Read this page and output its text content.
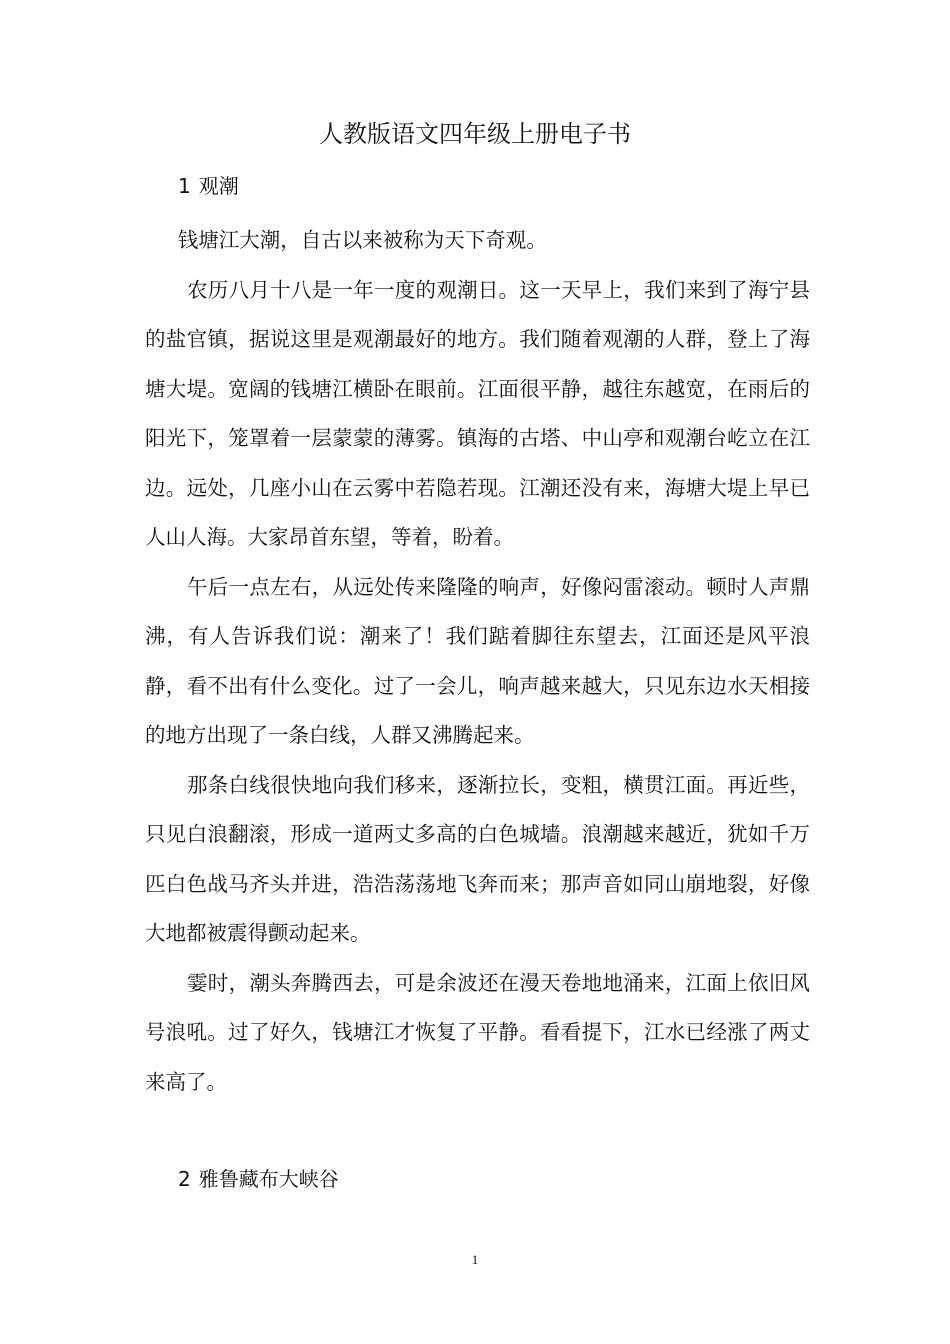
人教版语文四年级上册电子书
1 观潮

钱塘江大潮，自古以来被称为天下奇观。

农历八月十八是一年一度的观潮日。这一天早上，我们来到了海宁县的盐官镇，据说这里是观潮最好的地方。我们随着观潮的人群，登上了海塘大堤。宽阔的钱塘江横卧在眼前。江面很平静，越往东越宽，在雨后的阳光下，笼罩着一层蒙蒙的薄雾。镇海的古塔、中山亭和观潮台屹立在江边。远处，几座小山在云雾中若隐若现。江潮还没有来，海塘大堤上早已人山人海。大家昂首东望，等着，盼着。

午后一点左右，从远处传来隆隆的响声，好像闷雷滚动。顿时人声鼎沸，有人告诉我们说：潮来了！我们踮着脚往东望去，江面还是风平浪静，看不出有什么变化。过了一会儿，响声越来越大，只见东边水天相接的地方出现了一条白线，人群又沸腾起来。

那条白线很快地向我们移来，逐渐拉长，变粗，横贯江面。再近些，只见白浪翻滚，形成一道两丈多高的白色城墙。浪潮越来越近，犹如千万匹白色战马齐头并进，浩浩荡荡地飞奔而来；那声音如同山崩地裂，好像大地都被震得颤动起来。

霎时，潮头奔腾西去，可是余波还在漫天卷地地涌来，江面上依旧风号浪吼。过了好久，钱塘江才恢复了平静。看看提下，江水已经涨了两丈来高了。

2 雅鲁藏布大峡谷
1
